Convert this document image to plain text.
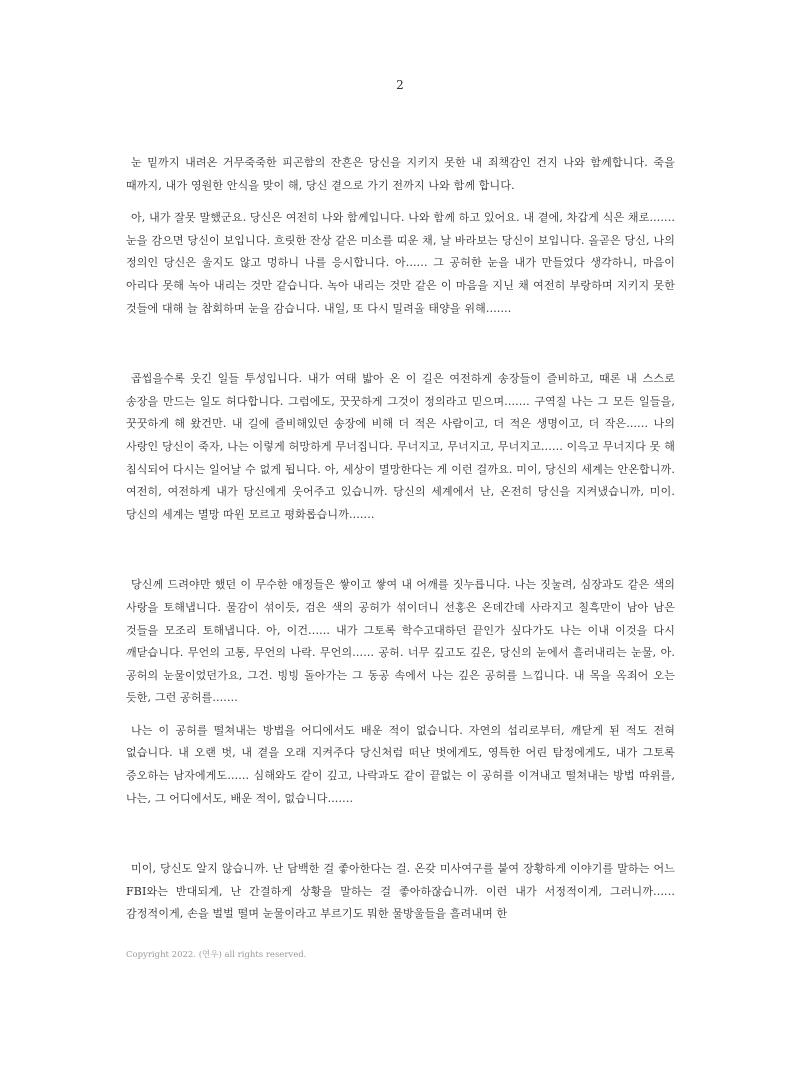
2

눈 밑까지 내려온 거무죽죽한 피곤함의 잔흔은 당신을 지키지 못한 내 죄책감인 건지 나와 함께합니다. 죽을 때까지, 내가 영원한 안식을 맞이 해, 당신 곁으로 가기 전까지 나와 함께 합니다.

아, 내가 잘못 말했군요. 당신은 여전히 나와 함께입니다. 나와 함께 하고 있어요. 내 곁에, 차갑게 식은 채로....... 눈을 감으면 당신이 보입니다. 흐릿한 잔상 같은 미소를 띠운 채, 날 바라보는 당신이 보입니다. 올곧은 당신, 나의 정의인 당신은 울지도 않고 멍하니 나를 응시합니다. 아...... 그 공허한 눈을 내가 만들었다 생각하니, 마음이 아리다 못해 녹아 내리는 것만 같습니다. 녹아 내리는 것만 같은 이 마음을 지닌 채 여전히 부랑하며 지키지 못한 것들에 대해 늘 참회하며 눈을 감습니다. 내일, 또 다시 밀려올 태양을 위해.......

곱씹을수록 웃긴 일들 투성입니다. 내가 여태 밟아 온 이 길은 여전하게 송장들이 즐비하고, 때론 내 스스로 송장을 만드는 일도 허다합니다. 그럼에도, 꿋꿋하게 그것이 정의라고 믿으며....... 구역질 나는 그 모든 일들을, 꿋꿋하게 해 왔건만. 내 길에 즐비해있던 송장에 비해 더 적은 사람이고, 더 적은 생명이고, 더 작은...... 나의 사랑인 당신이 죽자, 나는 이렇게 허망하게 무너집니다. 무너지고, 무너지고, 무너지고...... 이윽고 무너지다 못 해 침식되어 다시는 일어날 수 없게 됩니다. 아, 세상이 멸망한다는 게 이런 걸까요. 미이, 당신의 세계는 안온합니까. 여전히, 여전하게 내가 당신에게 웃어주고 있습니까. 당신의 세계에서 난, 온전히 당신을 지켜냈습니까, 미이. 당신의 세계는 멸망 따윈 모르고 평화롭습니까.......

당신께 드려야만 했던 이 무수한 애정들은 쌓이고 쌓여 내 어깨를 짓누릅니다. 나는 짓눌려, 심장과도 같은 색의 사랑을 토해냅니다. 물감이 섞이듯, 검은 색의 공허가 섞이더니 선홍은 온데간데 사라지고 칠흑만이 남아 남은 것들을 모조리 토해냅니다. 아, 이건...... 내가 그토록 학수고대하던 끝인가 싶다가도 나는 이내 이것을 다시 깨닫습니다. 무언의 고통, 무언의 나락. 무언의...... 공허. 너무 깊고도 깊은, 당신의 눈에서 흘러내리는 눈물, 아. 공허의 눈물이었던가요, 그건. 빙빙 돌아가는 그 동공 속에서 나는 깊은 공허를 느낍니다. 내 목을 옥죄어 오는 듯한, 그런 공허를.......

나는 이 공허를 떨쳐내는 방법을 어디에서도 배운 적이 없습니다. 자연의 섭리로부터, 깨닫게 된 적도 전혀 없습니다. 내 오랜 벗, 내 곁을 오래 지켜주다 당신처럼 떠난 벗에게도, 영특한 어린 탐정에게도, 내가 그토록 증오하는 남자에게도...... 심해와도 같이 깊고, 나락과도 같이 끝없는 이 공허를 이겨내고 떨쳐내는 방법 따위를, 나는, 그 어디에서도, 배운 적이, 없습니다.......

미이, 당신도 알지 않습니까. 난 담백한 걸 좋아한다는 걸. 온갖 미사여구를 붙여 장황하게 이야기를 말하는 어느 FBI와는 반대되게, 난 간결하게 상황을 말하는 걸 좋아하잖습니까. 이런 내가 서정적이게, 그러니까...... 감정적이게, 손을 벌벌 떨며 눈물이라고 부르기도 뭐한 물방울들을 흘려내며 한

Copyright 2022. (연우) all rights reserved.
